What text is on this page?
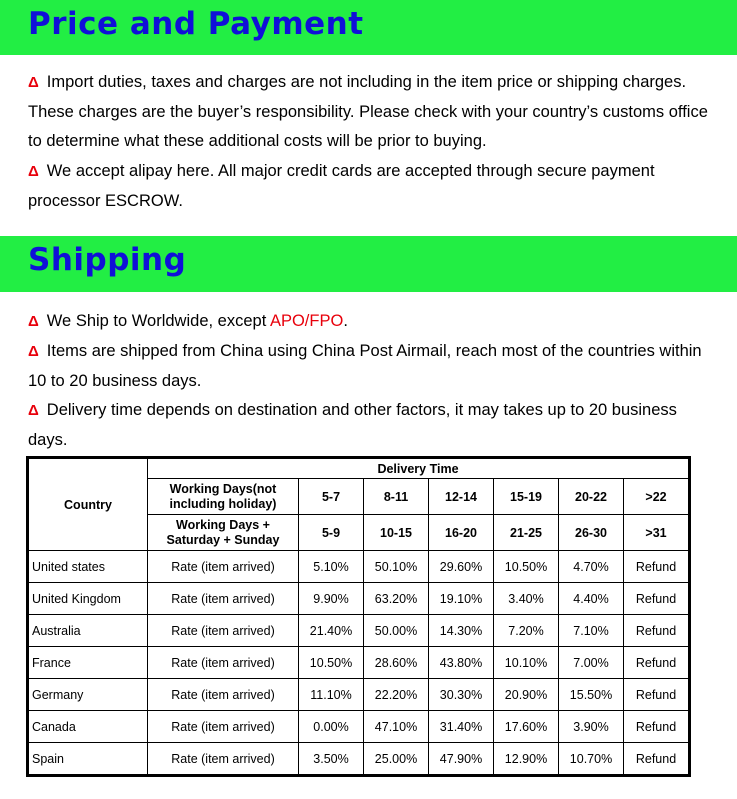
Price and Payment
Δ Import duties, taxes and charges are not including in the item price or shipping charges. These charges are the buyer’s responsibility. Please check with your country’s customs office to determine what these additional costs will be prior to buying.
Δ We accept alipay here. All major credit cards are accepted through secure payment processor ESCROW.
Shipping
Δ We Ship to Worldwide, except APO/FPO.
Δ Items are shipped from China using China Post Airmail, reach most of the countries within 10 to 20 business days.
Δ Delivery time depends on destination and other factors, it may takes up to 20 business days.
Country	Delivery Time						
	Working Days(not including holiday)	5-7	8-11	12-14	15-19	20-22	>22
	Working Days + Saturday + Sunday	5-9	10-15	16-20	21-25	26-30	>31
United states	Rate (item arrived)	5.10%	50.10%	29.60%	10.50%	4.70%	Refund
United Kingdom	Rate (item arrived)	9.90%	63.20%	19.10%	3.40%	4.40%	Refund
Australia	Rate (item arrived)	21.40%	50.00%	14.30%	7.20%	7.10%	Refund
France	Rate (item arrived)	10.50%	28.60%	43.80%	10.10%	7.00%	Refund
Germany	Rate (item arrived)	11.10%	22.20%	30.30%	20.90%	15.50%	Refund
Canada	Rate (item arrived)	0.00%	47.10%	31.40%	17.60%	3.90%	Refund
Spain	Rate (item arrived)	3.50%	25.00%	47.90%	12.90%	10.70%	Refund
